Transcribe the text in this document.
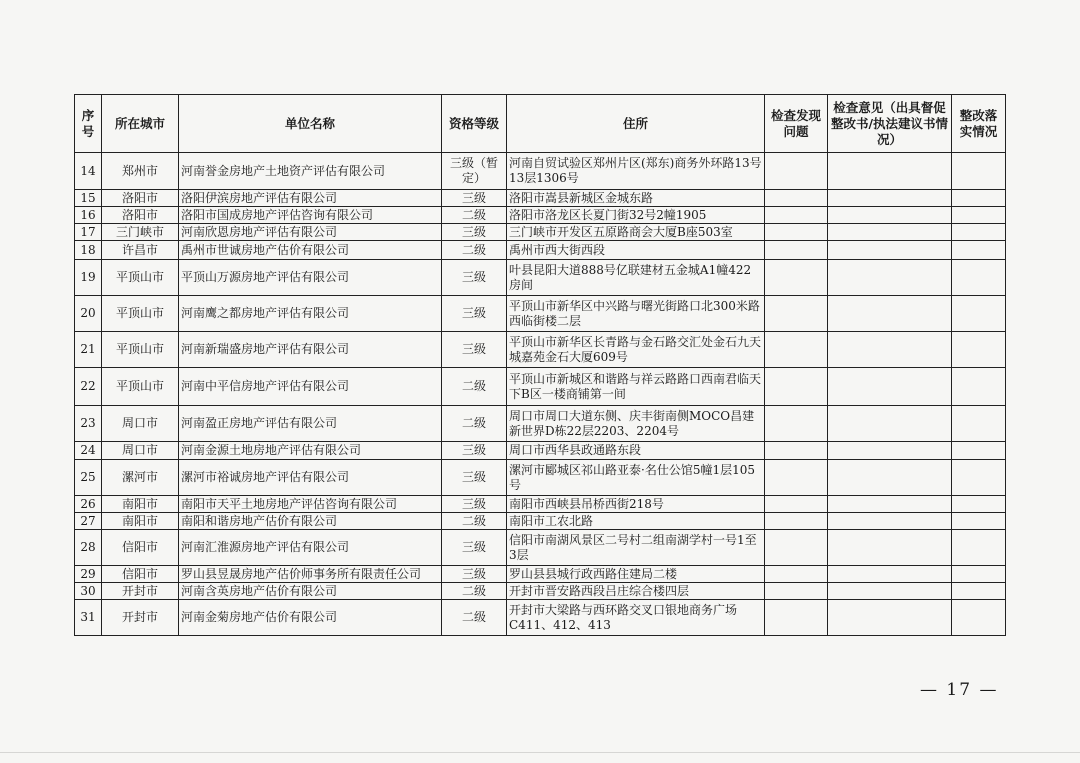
序号	所在城市	单位名称	资格等级	住所	检查发现问题	检查意见（出具督促整改书/执法建议书情况）	整改落实情况
14	郑州市	河南誉金房地产土地资产评估有限公司	三级（暂定）	河南自贸试验区郑州片区(郑东)商务外环路13号13层1306号			
15	洛阳市	洛阳伊滨房地产评估有限公司	三级	洛阳市嵩县新城区金城东路			
16	洛阳市	洛阳市国成房地产评估咨询有限公司	二级	洛阳市洛龙区长夏门街32号2幢1905			
17	三门峡市	河南欣恩房地产评估有限公司	三级	三门峡市开发区五原路商会大厦B座503室			
18	许昌市	禹州市世诚房地产估价有限公司	二级	禹州市西大街西段			
19	平顶山市	平顶山万源房地产评估有限公司	三级	叶县昆阳大道888号亿联建材五金城A1幢422房间			
20	平顶山市	河南鹰之都房地产评估有限公司	三级	平顶山市新华区中兴路与曙光街路口北300米路西临街楼二层			
21	平顶山市	河南新瑞盛房地产评估有限公司	三级	平顶山市新华区长青路与金石路交汇处金石九天城嘉苑金石大厦609号			
22	平顶山市	河南中平信房地产评估有限公司	二级	平顶山市新城区和谐路与祥云路路口西南君临天下B区一楼商铺第一间			
23	周口市	河南盈正房地产评估有限公司	二级	周口市周口大道东侧、庆丰街南侧MOCO昌建新世界D栋22层2203、2204号			
24	周口市	河南金源土地房地产评估有限公司	三级	周口市西华县政通路东段			
25	漯河市	漯河市裕诚房地产评估有限公司	三级	漯河市郾城区祁山路亚泰·名仕公馆5幢1层105号			
26	南阳市	南阳市天平土地房地产评估咨询有限公司	三级	南阳市西峡县吊桥西街218号			
27	南阳市	南阳和谐房地产估价有限公司	二级	南阳市工农北路			
28	信阳市	河南汇淮源房地产评估有限公司	三级	信阳市南湖风景区二号村二组南湖学村一号1至3层			
29	信阳市	罗山县昱晟房地产估价师事务所有限责任公司	三级	罗山县县城行政西路住建局二楼			
30	开封市	河南含英房地产估价有限公司	二级	开封市晋安路西段吕庄综合楼四层			
31	开封市	河南金菊房地产估价有限公司	二级	开封市大梁路与西环路交叉口银地商务广场C411、412、413			
— 17 —
